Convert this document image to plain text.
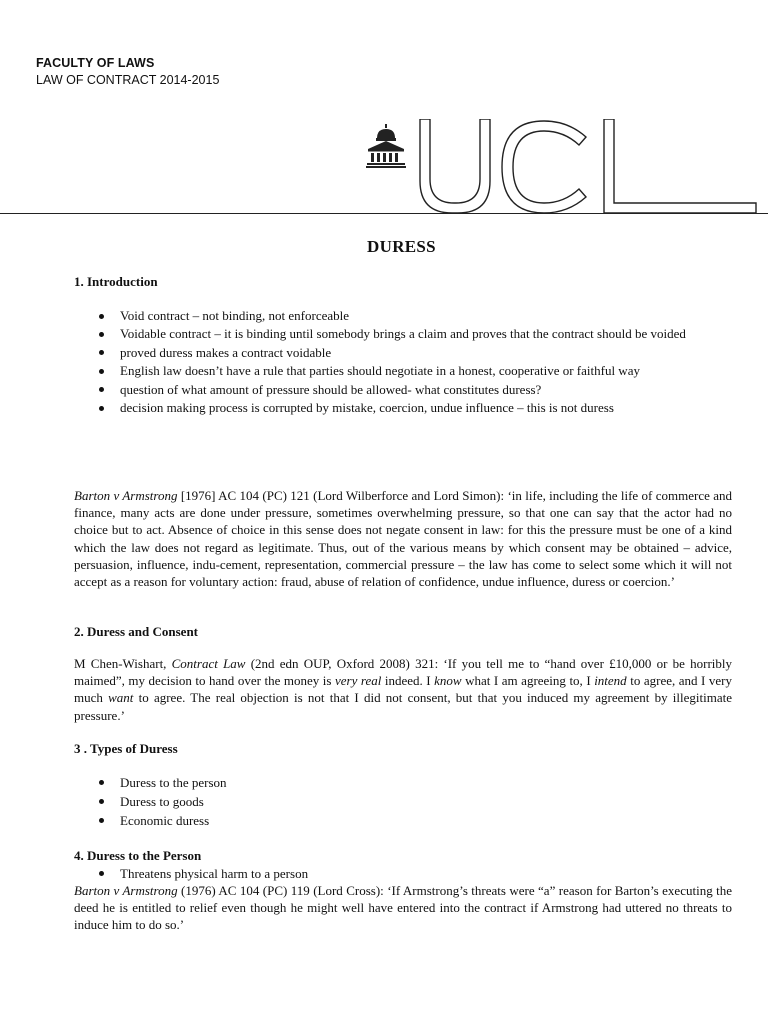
FACULTY OF LAWS
LAW OF CONTRACT 2014-2015
DURESS
1. Introduction
Void contract – not binding, not enforceable
Voidable contract – it is binding until somebody brings a claim and proves that the contract should be voided
proved duress makes a contract voidable
English law doesn’t have a rule that parties should negotiate in a honest, cooperative or faithful way
question of what amount of pressure should be allowed- what constitutes duress?
decision making process is corrupted by mistake, coercion, undue influence – this is not duress

Barton v Armstrong [1976] AC 104 (PC) 121 (Lord Wilberforce and Lord Simon): ‘in life, including the life of commerce and finance, many acts are done under pressure, sometimes overwhelming pressure, so that one can say that the actor had no choice but to act. Absence of choice in this sense does not negate consent in law: for this the pressure must be one of a kind which the law does not regard as legitimate. Thus, out of the various means by which consent may be obtained – advice, persuasion, influence, indu-cement, representation, commercial pressure – the law has come to select some which it will not accept as a reason for voluntary action: fraud, abuse of relation of confidence, undue influence, duress or coercion.’

2. Duress and Consent

M Chen-Wishart, Contract Law (2nd edn OUP, Oxford 2008) 321: ‘If you tell me to “hand over £10,000 or be horribly maimed”, my decision to hand over the money is very real indeed. I know what I am agreeing to, I intend to agree, and I very much want to agree. The real objection is not that I did not consent, but that you induced my agreement by illegitimate pressure.’

3 . Types of Duress
Duress to the person
Duress to goods
Economic duress
4. Duress to the Person
Threatens physical harm to a person

Barton v Armstrong (1976) AC 104 (PC) 119 (Lord Cross): ‘If Armstrong’s threats were “a” reason for Barton’s executing the deed he is entitled to relief even though he might well have entered into the contract if Armstrong had uttered no threats to induce him to do so.’
